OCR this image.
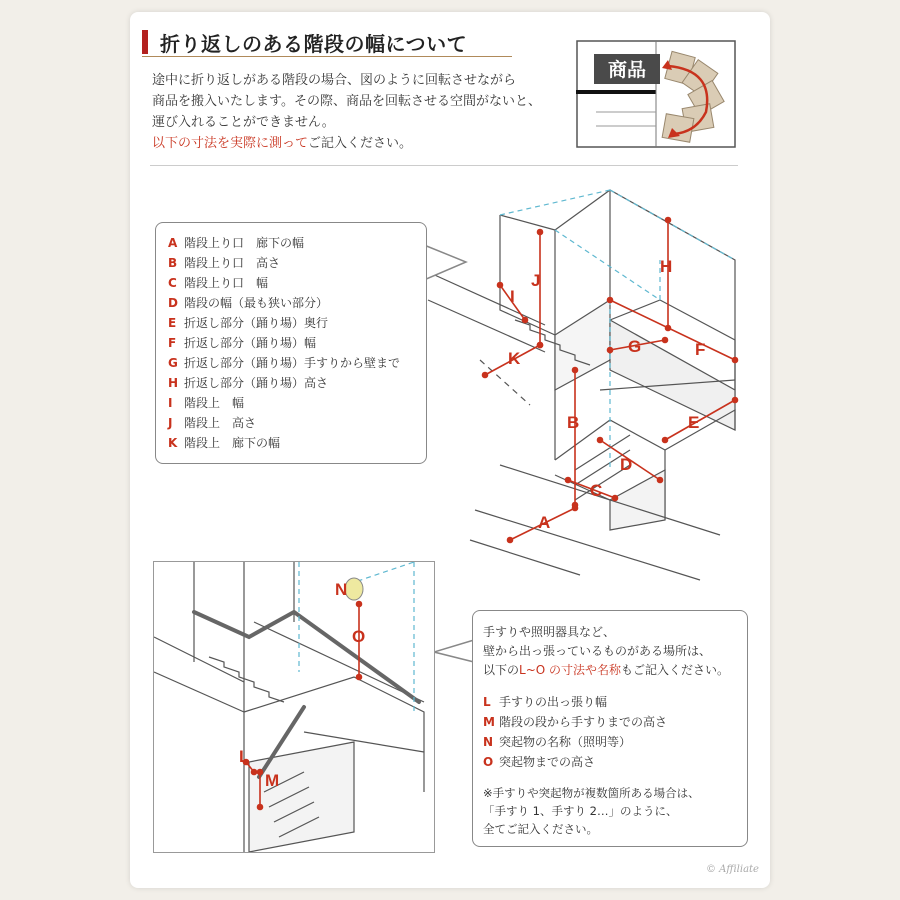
折り返しのある階段の幅について

途中に折り返しがある階段の場合、図のように回転させながら

商品を搬入いたします。その際、商品を回転させる空間がないと、

運び入れることができません。

以下の寸法を実際に測ってご記入ください。

商品
A
B
C
D
E
F
G
H
I
J
K
A 階段上り口　廊下の幅
B 階段上り口　高さ
C 階段上り口　幅
D 階段の幅（最も狭い部分）
E 折返し部分（踊り場）奥行
F 折返し部分（踊り場）幅
G 折返し部分（踊り場）手すりから壁まで
H 折返し部分（踊り場）高さ
I 階段上　幅
J 階段上　高さ
K 階段上　廊下の幅
N
O
L
M

手すりや照明器具など、

壁から出っ張っているものがある場所は、

以下のL~O の寸法や名称もご記入ください。

L 手すりの出っ張り幅
M 階段の段から手すりまでの高さ
N 突起物の名称（照明等）
O 突起物までの高さ

※手すりや突起物が複数箇所ある場合は、

「手すり 1、手すり 2…」のように、

全てご記入ください。

© Affiliate
